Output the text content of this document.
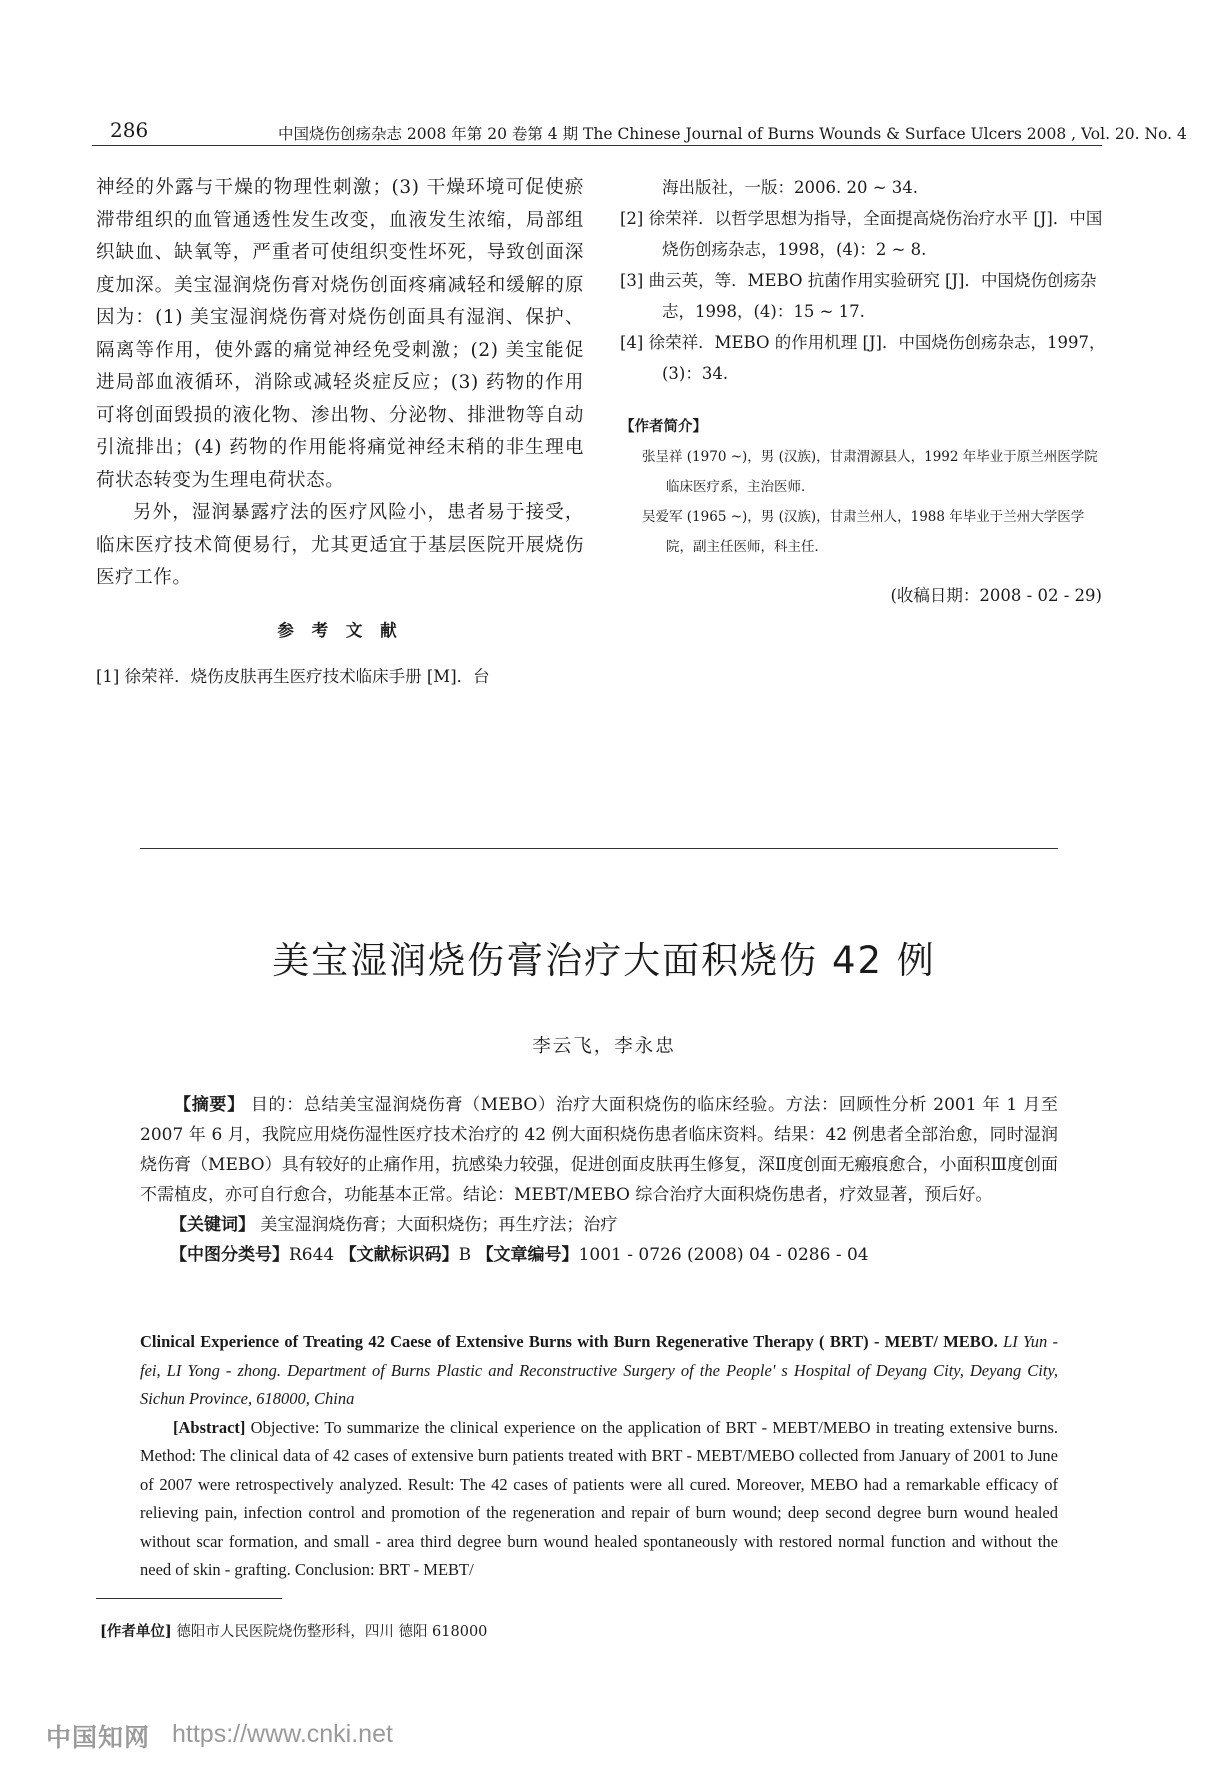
286	中国烧伤创疡杂志 2008 年第 20 卷第 4 期 The Chinese Journal of Burns Wounds & Surface Ulcers 2008 , Vol. 20. No. 4

神经的外露与干燥的物理性刺激；(3) 干燥环境可促使瘀滞带组织的血管通透性发生改变，血液发生浓缩，局部组织缺血、缺氧等，严重者可使组织变性坏死，导致创面深度加深。美宝湿润烧伤膏对烧伤创面疼痛减轻和缓解的原因为：(1) 美宝湿润烧伤膏对烧伤创面具有湿润、保护、隔离等作用，使外露的痛觉神经免受刺激；(2) 美宝能促进局部血液循环，消除或减轻炎症反应；(3) 药物的作用可将创面毁损的液化物、渗出物、分泌物、排泄物等自动引流排出；(4) 药物的作用能将痛觉神经末稍的非生理电荷状态转变为生理电荷状态。

另外，湿润暴露疗法的医疗风险小，患者易于接受，临床医疗技术简便易行，尤其更适宜于基层医院开展烧伤医疗工作。

参 考 文 献

[1] 徐荣祥．烧伤皮肤再生医疗技术临床手册 [M]．台

海出版社，一版：2006. 20 ~ 34.

[2] 徐荣祥．以哲学思想为指导，全面提高烧伤治疗水平 [J]．中国烧伤创疡杂志，1998，(4)：2 ~ 8.

[3] 曲云英，等．MEBO 抗菌作用实验研究 [J]．中国烧伤创疡杂志，1998，(4)：15 ~ 17.

[4] 徐荣祥．MEBO 的作用机理 [J]．中国烧伤创疡杂志，1997，(3)：34.

【作者简介】

张呈祥 (1970 ~)，男 (汉族)，甘肃渭源县人，1992 年毕业于原兰州医学院临床医疗系，主治医师．

吴爱军 (1965 ~)，男 (汉族)，甘肃兰州人，1988 年毕业于兰州大学医学院，副主任医师，科主任．

(收稿日期：2008 - 02 - 29)
美宝湿润烧伤膏治疗大面积烧伤 42 例
李云飞，李永忠

【摘要】 目的：总结美宝湿润烧伤膏（MEBO）治疗大面积烧伤的临床经验。方法：回顾性分析 2001 年 1 月至 2007 年 6 月，我院应用烧伤湿性医疗技术治疗的 42 例大面积烧伤患者临床资料。结果：42 例患者全部治愈，同时湿润烧伤膏（MEBO）具有较好的止痛作用，抗感染力较强，促进创面皮肤再生修复，深Ⅱ度创面无瘢痕愈合，小面积Ⅲ度创面不需植皮，亦可自行愈合，功能基本正常。结论：MEBT/MEBO 综合治疗大面积烧伤患者，疗效显著，预后好。

【关键词】 美宝湿润烧伤膏；大面积烧伤；再生疗法；治疗

【中图分类号】R644 【文献标识码】B 【文章编号】1001 - 0726 (2008) 04 - 0286 - 04

Clinical Experience of Treating 42 Caese of Extensive Burns with Burn Regenerative Therapy ( BRT) - MEBT/ MEBO. LI Yun - fei, LI Yong - zhong. Department of Burns Plastic and Reconstructive Surgery of the People' s Hospital of Deyang City, Deyang City, Sichun Province, 618000, China

[Abstract] Objective: To summarize the clinical experience on the application of BRT - MEBT/MEBO in treating extensive burns. Method: The clinical data of 42 cases of extensive burn patients treated with BRT - MEBT/MEBO collected from January of 2001 to June of 2007 were retrospectively analyzed. Result: The 42 cases of patients were all cured. Moreover, MEBO had a remarkable efficacy of relieving pain, infection control and promotion of the regeneration and repair of burn wound; deep second degree burn wound healed without scar formation, and small - area third degree burn wound healed spontaneously with restored normal function and without the need of skin - grafting. Conclusion: BRT - MEBT/

[作者单位] 德阳市人民医院烧伤整形科，四川 德阳 618000
中国知网 https://www.cnki.net
